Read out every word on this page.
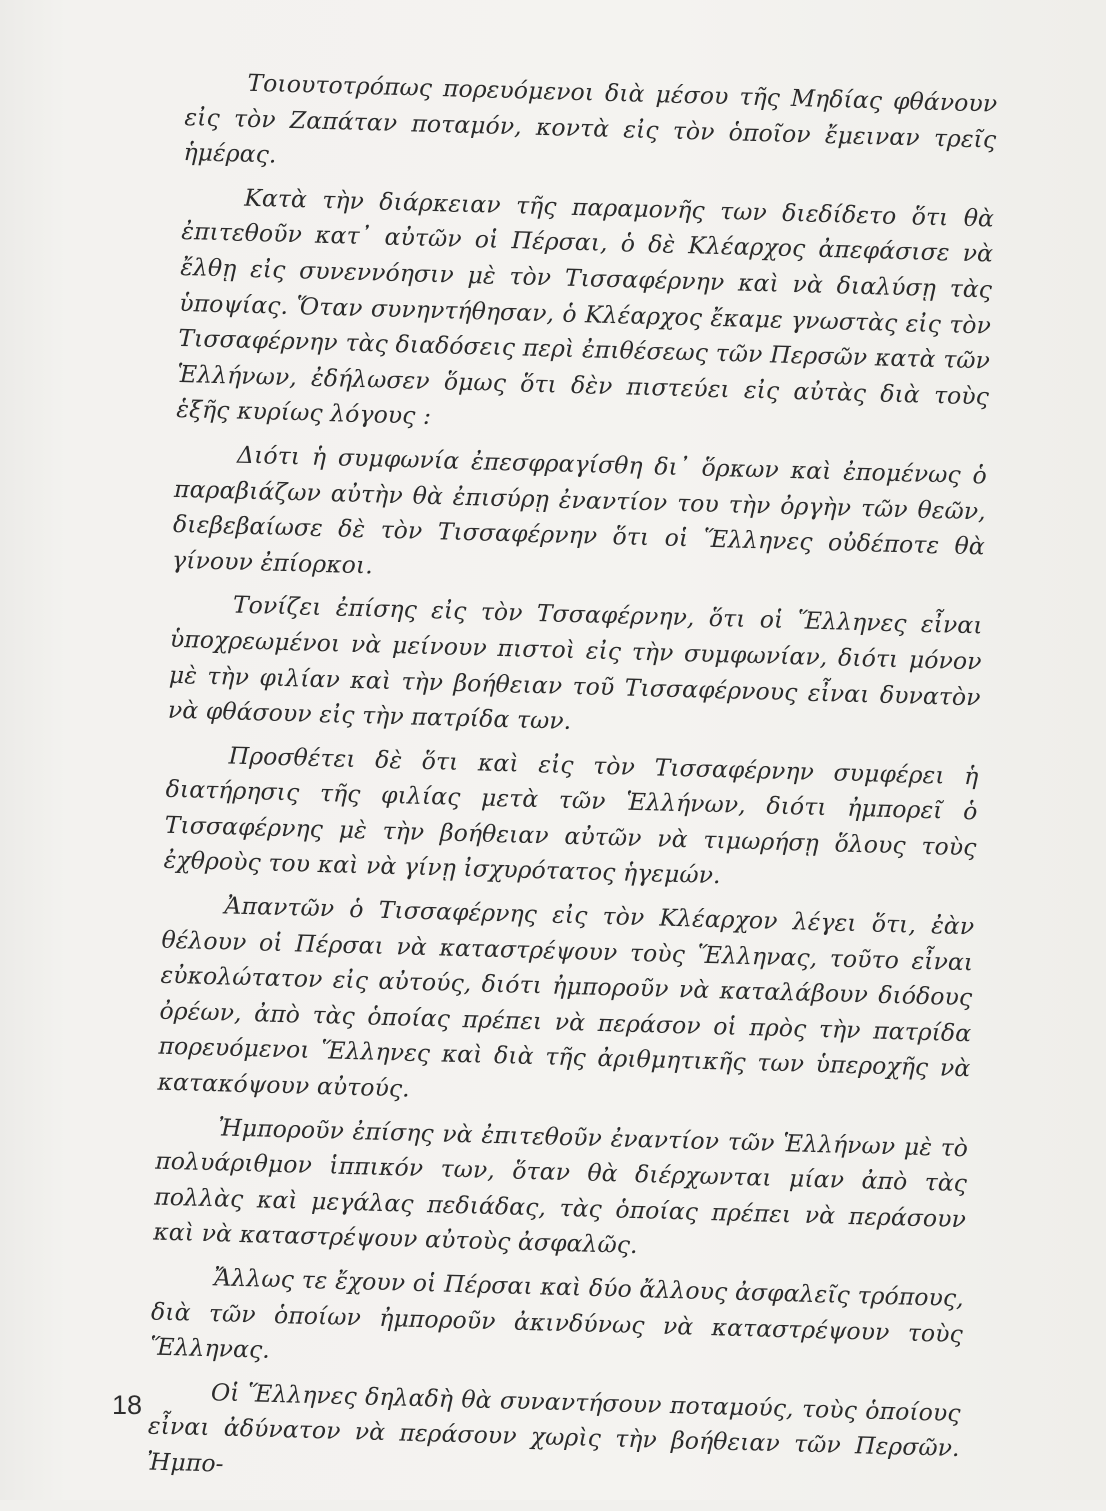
Τοιουτοτρόπως πορευόμενοι διὰ μέσου τῆς Μηδίας φθάνουν εἰς τὸν Ζαπάταν ποταμόν, κοντὰ εἰς τὸν ὁποῖον ἔμειναν τρεῖς ἡμέρας.

Κατὰ τὴν διάρκειαν τῆς παραμονῆς των διεδίδετο ὅτι θὰ ἐπιτεθοῦν κατ᾽ αὐτῶν οἱ Πέρσαι, ὁ δὲ Κλέαρχος ἀπεφάσισε νὰ ἔλθῃ εἰς συνεννόησιν μὲ τὸν Τισσαφέρνην καὶ νὰ διαλύσῃ τὰς ὑποψίας. Ὅταν συνηντήθησαν, ὁ Κλέαρχος ἔκαμε γνωστὰς εἰς τὸν Τισσαφέρνην τὰς διαδόσεις περὶ ἐπιθέσεως τῶν Περσῶν κατὰ τῶν Ἑλλήνων, ἐδήλωσεν ὅμως ὅτι δὲν πιστεύει εἰς αὐτὰς διὰ τοὺς ἑξῆς κυρίως λόγους :

Διότι ἡ συμφωνία ἐπεσφραγίσθη δι᾽ ὅρκων καὶ ἐπομένως ὁ παραβιάζων αὐτὴν θὰ ἐπισύρῃ ἐναντίον του τὴν ὀργὴν τῶν θεῶν, διεβεβαίωσε δὲ τὸν Τισσαφέρνην ὅτι οἱ Ἕλληνες οὐδέποτε θὰ γίνουν ἐπίορκοι.

Τονίζει ἐπίσης εἰς τὸν Τσσαφέρνην, ὅτι οἱ Ἕλληνες εἶναι ὑποχρεωμένοι νὰ μείνουν πιστοὶ εἰς τὴν συμφωνίαν, διότι μόνον μὲ τὴν φιλίαν καὶ τὴν βοήθειαν τοῦ Τισσαφέρνους εἶναι δυνατὸν νὰ φθάσουν εἰς τὴν πατρίδα των.

Προσθέτει δὲ ὅτι καὶ εἰς τὸν Τισσαφέρνην συμφέρει ἡ διατήρησις τῆς φιλίας μετὰ τῶν Ἑλλήνων, διότι ἠμπορεῖ ὁ Τισσαφέρνης μὲ τὴν βοήθειαν αὐτῶν νὰ τιμωρήσῃ ὅλους τοὺς ἐχθροὺς του καὶ νὰ γίνῃ ἰσχυρότατος ἡγεμών.

Ἀπαντῶν ὁ Τισσαφέρνης εἰς τὸν Κλέαρχον λέγει ὅτι, ἐὰν θέλουν οἱ Πέρσαι νὰ καταστρέψουν τοὺς Ἕλληνας, τοῦτο εἶναι εὐκολώτατον εἰς αὐτούς, διότι ἠμποροῦν νὰ καταλάβουν διόδους ὀρέων, ἀπὸ τὰς ὁποίας πρέπει νὰ περάσον οἱ πρὸς τὴν πατρίδα πορευόμενοι Ἕλληνες καὶ διὰ τῆς ἀριθμητικῆς των ὑπεροχῆς νὰ κατακόψουν αὐτούς.

Ἠμποροῦν ἐπίσης νὰ ἐπιτεθοῦν ἐναντίον τῶν Ἑλλήνων μὲ τὸ πολυάριθμον ἱππικόν των, ὅταν θὰ διέρχωνται μίαν ἀπὸ τὰς πολλὰς καὶ μεγάλας πεδιάδας, τὰς ὁποίας πρέπει νὰ περάσουν καὶ νὰ καταστρέψουν αὐτοὺς ἀσφαλῶς.

Ἄλλως τε ἔχουν οἱ Πέρσαι καὶ δύο ἄλλους ἀσφαλεῖς τρόπους, διὰ τῶν ὁποίων ἠμποροῦν ἀκινδύνως νὰ καταστρέψουν τοὺς Ἕλληνας.

Οἱ Ἕλληνες δηλαδὴ θὰ συναντήσουν ποταμούς, τοὺς ὁποίους εἶναι ἀδύνατον νὰ περάσουν χωρὶς τὴν βοήθειαν τῶν Περσῶν. Ἠμπο-

18
